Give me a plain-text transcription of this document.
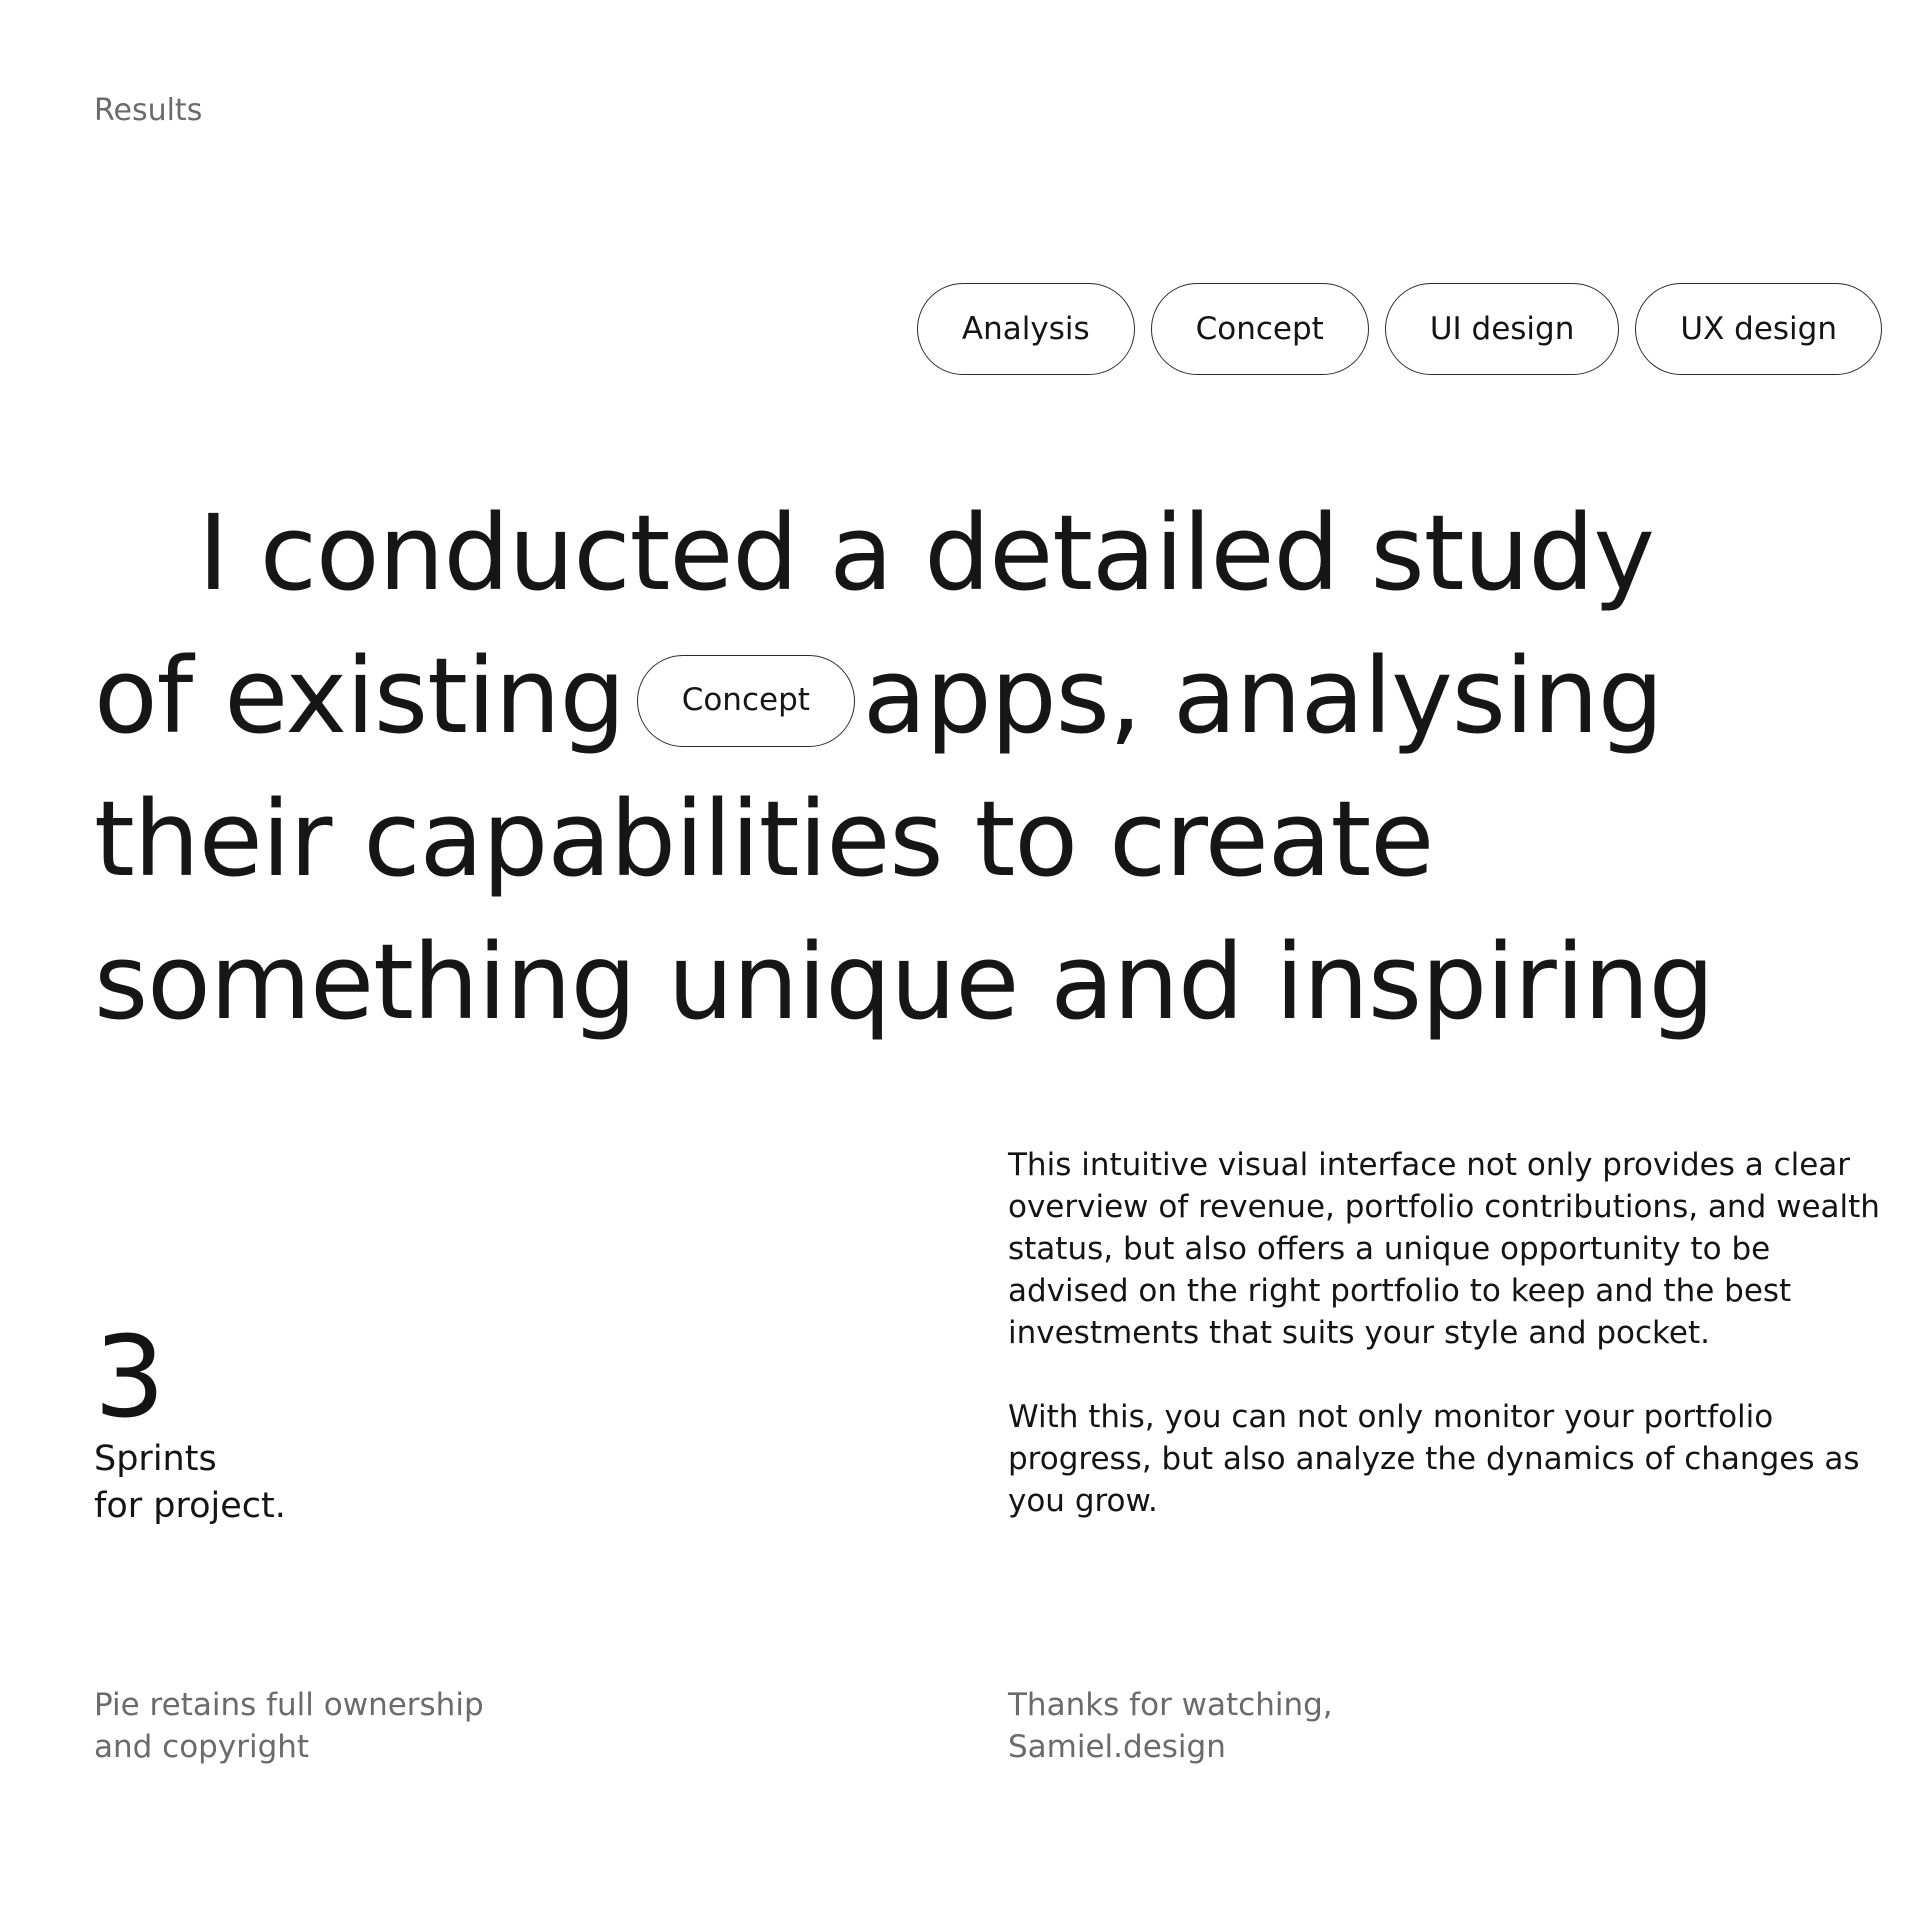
Results
Analysis	Concept	UI design	UX design
I conducted a detailed study
of existing Concept apps, analysing
their capabilities to create
something unique and inspiring
3
Sprints
for project.

This intuitive visual interface not only provides a clear overview of revenue, portfolio contributions, and wealth status, but also offers a unique opportunity to be advised on the right portfolio to keep and the best investments that suits your style and pocket.

With this, you can not only monitor your portfolio progress, but also analyze the dynamics of changes as you grow.

Pie retains full ownership
and copyright
Thanks for watching,
Samiel.design
